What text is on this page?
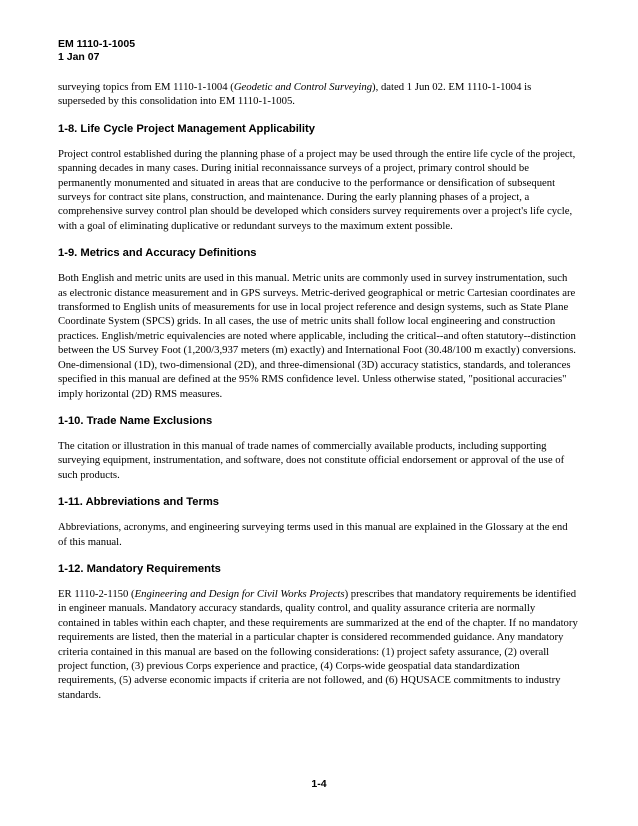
EM 1110-1-1005
1 Jan 07

surveying topics from EM 1110-1-1004 (Geodetic and Control Surveying), dated 1 Jun 02. EM 1110-1-1004 is superseded by this consolidation into EM 1110-1-1005.

1-8. Life Cycle Project Management Applicability

Project control established during the planning phase of a project may be used through the entire life cycle of the project, spanning decades in many cases. During initial reconnaissance surveys of a project, primary control should be permanently monumented and situated in areas that are conducive to the performance or densification of subsequent surveys for contract site plans, construction, and maintenance. During the early planning phases of a project, a comprehensive survey control plan should be developed which considers survey requirements over a project's life cycle, with a goal of eliminating duplicative or redundant surveys to the maximum extent possible.

1-9. Metrics and Accuracy Definitions

Both English and metric units are used in this manual. Metric units are commonly used in survey instrumentation, such as electronic distance measurement and in GPS surveys. Metric-derived geographical or metric Cartesian coordinates are transformed to English units of measurements for use in local project reference and design systems, such as State Plane Coordinate System (SPCS) grids. In all cases, the use of metric units shall follow local engineering and construction practices. English/metric equivalencies are noted where applicable, including the critical--and often statutory--distinction between the US Survey Foot (1,200/3,937 meters (m) exactly) and International Foot (30.48/100 m exactly) conversions. One-dimensional (1D), two-dimensional (2D), and three-dimensional (3D) accuracy statistics, standards, and tolerances specified in this manual are defined at the 95% RMS confidence level. Unless otherwise stated, "positional accuracies" imply horizontal (2D) RMS measures.

1-10. Trade Name Exclusions

The citation or illustration in this manual of trade names of commercially available products, including supporting surveying equipment, instrumentation, and software, does not constitute official endorsement or approval of the use of such products.

1-11. Abbreviations and Terms

Abbreviations, acronyms, and engineering surveying terms used in this manual are explained in the Glossary at the end of this manual.

1-12. Mandatory Requirements

ER 1110-2-1150 (Engineering and Design for Civil Works Projects) prescribes that mandatory requirements be identified in engineer manuals. Mandatory accuracy standards, quality control, and quality assurance criteria are normally contained in tables within each chapter, and these requirements are summarized at the end of the chapter. If no mandatory requirements are listed, then the material in a particular chapter is considered recommended guidance. Any mandatory criteria contained in this manual are based on the following considerations: (1) project safety assurance, (2) overall project function, (3) previous Corps experience and practice, (4) Corps-wide geospatial data standardization requirements, (5) adverse economic impacts if criteria are not followed, and (6) HQUSACE commitments to industry standards.

1-4
